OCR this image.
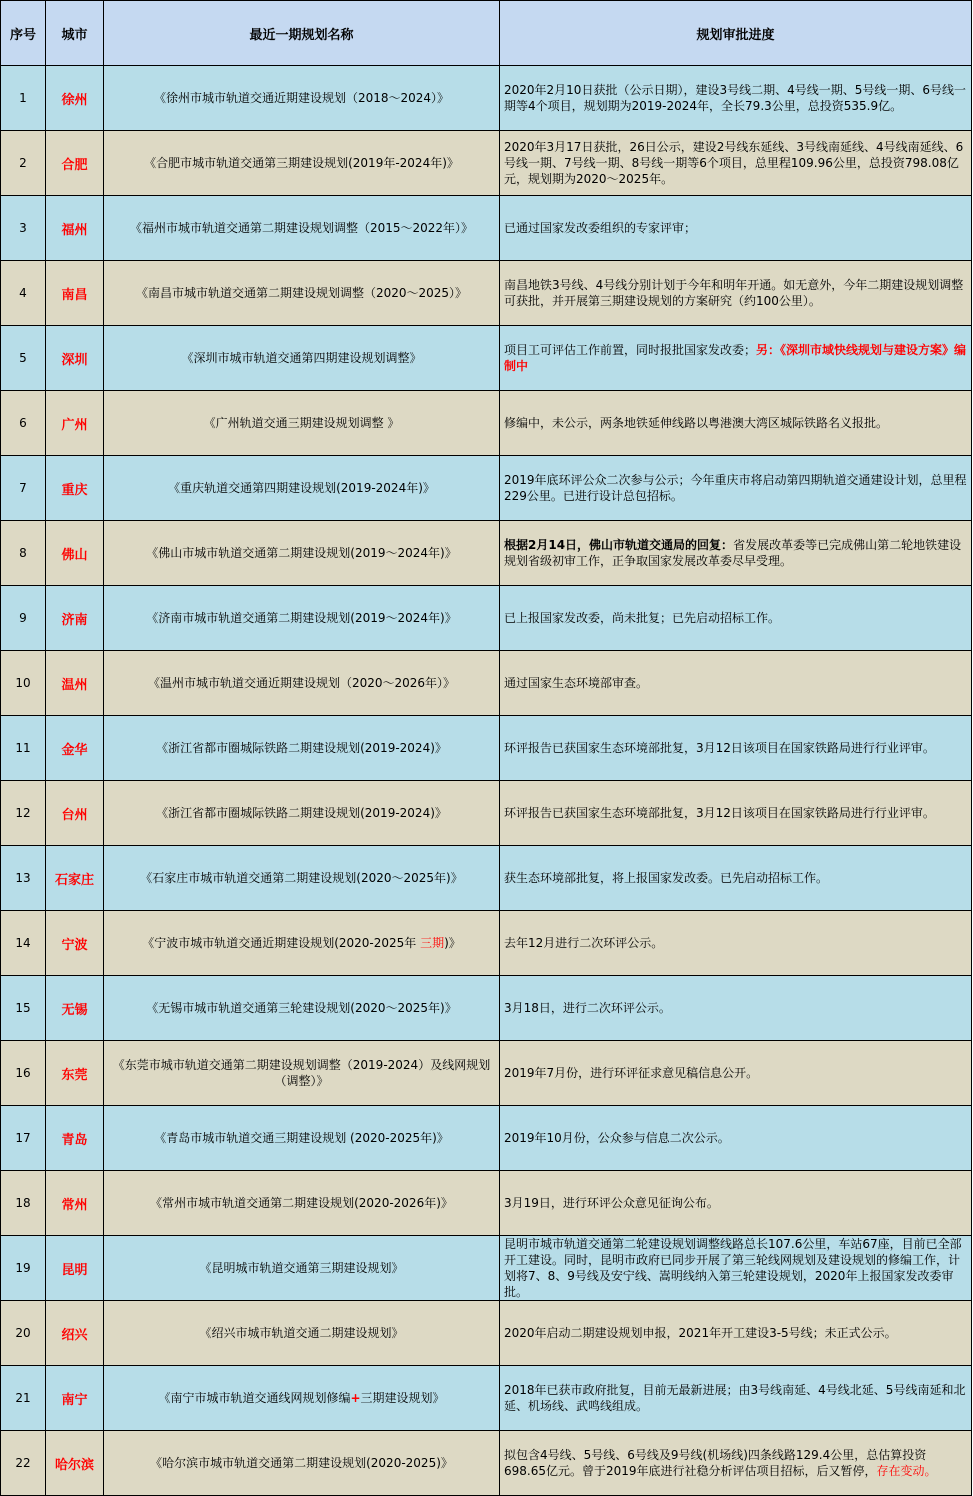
序号	城市	最近一期规划名称	规划审批进度
1	徐州	《徐州市城市轨道交通近期建设规划（2018～2024）》	2020年2月10日获批（公示日期），建设3号线二期、4号线一期、5号线一期、6号线一期等4个项目，规划期为2019-2024年，全长79.3公里，总投资535.9亿。
2	合肥	《合肥市城市轨道交通第三期建设规划(2019年-2024年)》	2020年3月17日获批，26日公示，建设2号线东延线、3号线南延线、4号线南延线、6号线一期、7号线一期、8号线一期等6个项目，总里程109.96公里，总投资798.08亿元，规划期为2020～2025年。
3	福州	《福州市城市轨道交通第二期建设规划调整（2015～2022年）》	已通过国家发改委组织的专家评审；
4	南昌	《南昌市城市轨道交通第二期建设规划调整（2020～2025）》	南昌地铁3号线、4号线分别计划于今年和明年开通。如无意外，今年二期建设规划调整可获批，并开展第三期建设规划的方案研究（约100公里）。
5	深圳	《深圳市城市轨道交通第四期建设规划调整》	项目工可评估工作前置，同时报批国家发改委；另：《深圳市域快线规划与建设方案》编制中
6	广州	《广州轨道交通三期建设规划调整 》	修编中，未公示，两条地铁延伸线路以粤港澳大湾区城际铁路名义报批。
7	重庆	《重庆轨道交通第四期建设规划(2019-2024年)》	2019年底环评公众二次参与公示；今年重庆市将启动第四期轨道交通建设计划，总里程229公里。已进行设计总包招标。
8	佛山	《佛山市城市轨道交通第二期建设规划(2019～2024年)》	根据2月14日，佛山市轨道交通局的回复：省发展改革委等已完成佛山第二轮地铁建设规划省级初审工作，正争取国家发展改革委尽早受理。
9	济南	《济南市城市轨道交通第二期建设规划(2019～2024年)》	已上报国家发改委，尚未批复；已先启动招标工作。
10	温州	《温州市城市轨道交通近期建设规划（2020～2026年）》	通过国家生态环境部审查。
11	金华	《浙江省都市圈城际铁路二期建设规划(2019-2024)》	环评报告已获国家生态环境部批复，3月12日该项目在国家铁路局进行行业评审。
12	台州	《浙江省都市圈城际铁路二期建设规划(2019-2024)》	环评报告已获国家生态环境部批复，3月12日该项目在国家铁路局进行行业评审。
13	石家庄	《石家庄市城市轨道交通第二期建设规划(2020～2025年)》	获生态环境部批复，将上报国家发改委。已先启动招标工作。
14	宁波	《宁波市城市轨道交通近期建设规划(2020-2025年 三期)》	去年12月进行二次环评公示。
15	无锡	《无锡市城市轨道交通第三轮建设规划(2020～2025年)》	3月18日，进行二次环评公示。
16	东莞	《东莞市城市轨道交通第二期建设规划调整（2019-2024）及线网规划（调整）》	2019年7月份，进行环评征求意见稿信息公开。
17	青岛	《青岛市城市轨道交通三期建设规划 (2020-2025年)》	2019年10月份，公众参与信息二次公示。
18	常州	《常州市城市轨道交通第二期建设规划(2020-2026年)》	3月19日，进行环评公众意见征询公布。
19	昆明	《昆明城市轨道交通第三期建设规划》	昆明市城市轨道交通第二轮建设规划调整线路总长107.6公里，车站67座，目前已全部开工建设。同时，昆明市政府已同步开展了第三轮线网规划及建设规划的修编工作，计划将7、8、9号线及安宁线、嵩明线纳入第三轮建设规划，2020年上报国家发改委审批。
20	绍兴	《绍兴市城市轨道交通二期建设规划》	2020年启动二期建设规划申报，2021年开工建设3-5号线；未正式公示。
21	南宁	《南宁市城市轨道交通线网规划修编+三期建设规划》	2018年已获市政府批复，目前无最新进展；由3号线南延、4号线北延、5号线南延和北延、机场线、武鸣线组成。
22	哈尔滨	《哈尔滨市城市轨道交通第二期建设规划(2020-2025)》	拟包含4号线、5号线、6号线及9号线(机场线)四条线路129.4公里，总估算投资698.65亿元。曾于2019年底进行社稳分析评估项目招标，后又暂停，存在变动。
